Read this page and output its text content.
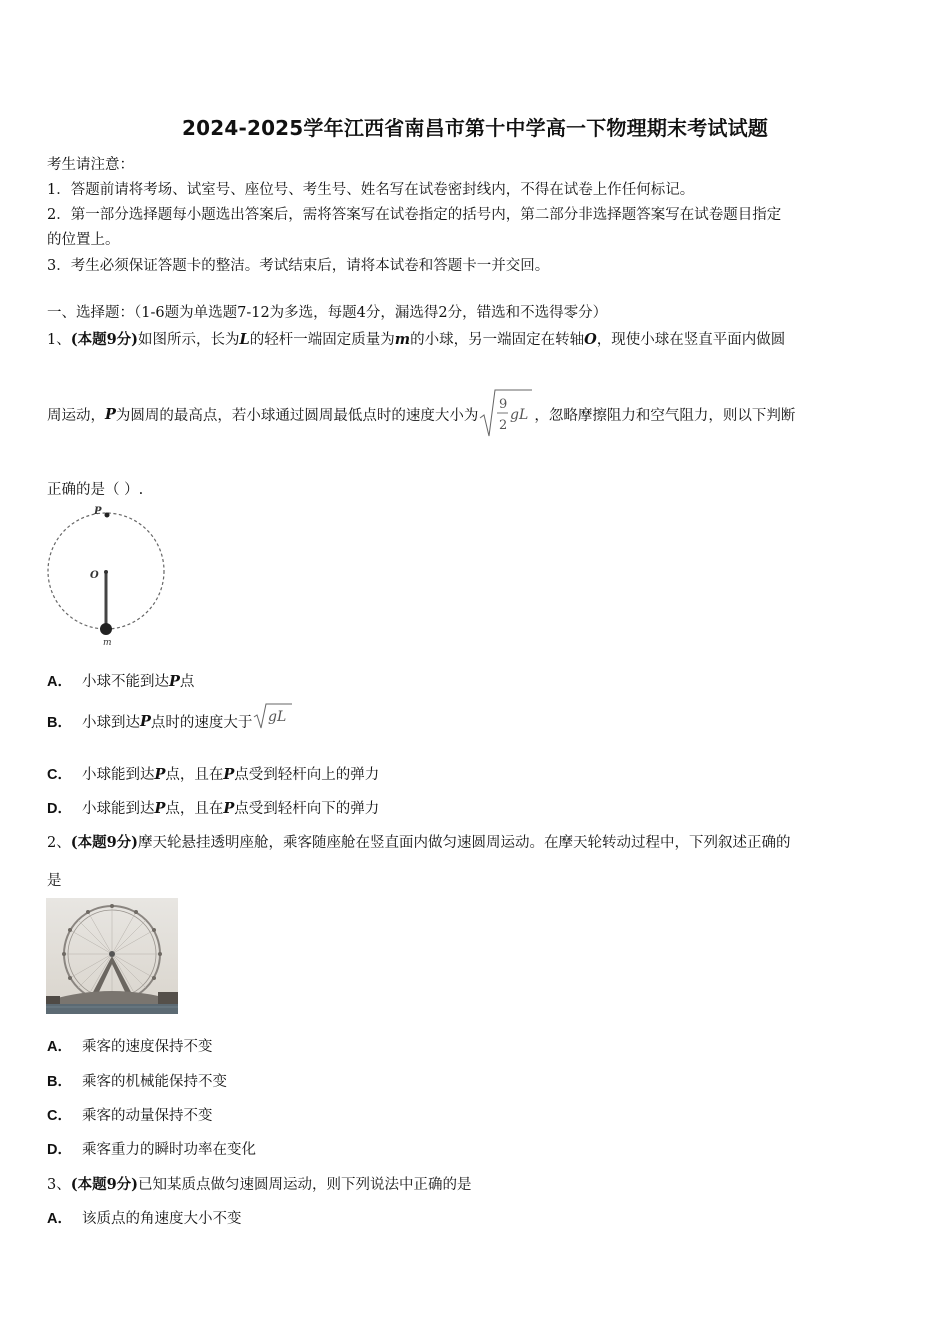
2024-2025学年江西省南昌市第十中学高一下物理期末考试试题
考生请注意：
1．答题前请将考场、试室号、座位号、考生号、姓名写在试卷密封线内，不得在试卷上作任何标记。
2．第一部分选择题每小题选出答案后，需将答案写在试卷指定的括号内，第二部分非选择题答案写在试卷题目指定
的位置上。
3．考生必须保证答题卡的整洁。考试结束后，请将本试卷和答题卡一并交回。
一、选择题：（1-6题为单选题7-12为多选，每题4分，漏选得2分，错选和不选得零分）
1、(本题9分)如图所示，长为L的轻杆一端固定质量为m的小球，另一端固定在转轴O，现使小球在竖直平面内做圆
周运动， P 为圆周的最高点，若小球通过圆周最低点时的速度大小为
9
2
gL ，忽略摩擦阻力和空气阻力，则以下判断
正确的是（ ）.
P
O
m
A． 小球不能到达P点
B． 小球到达 P 点时的速度大于 gL
C． 小球能到达P点，且在P点受到轻杆向上的弹力
D． 小球能到达P点，且在P点受到轻杆向下的弹力
2、(本题9分)摩天轮悬挂透明座舱，乘客随座舱在竖直面内做匀速圆周运动。在摩天轮转动过程中，下列叙述正确的
是
A． 乘客的速度保持不变
B． 乘客的机械能保持不变
C． 乘客的动量保持不变
D． 乘客重力的瞬时功率在变化
3、(本题9分)已知某质点做匀速圆周运动，则下列说法中正确的是
A． 该质点的角速度大小不变
